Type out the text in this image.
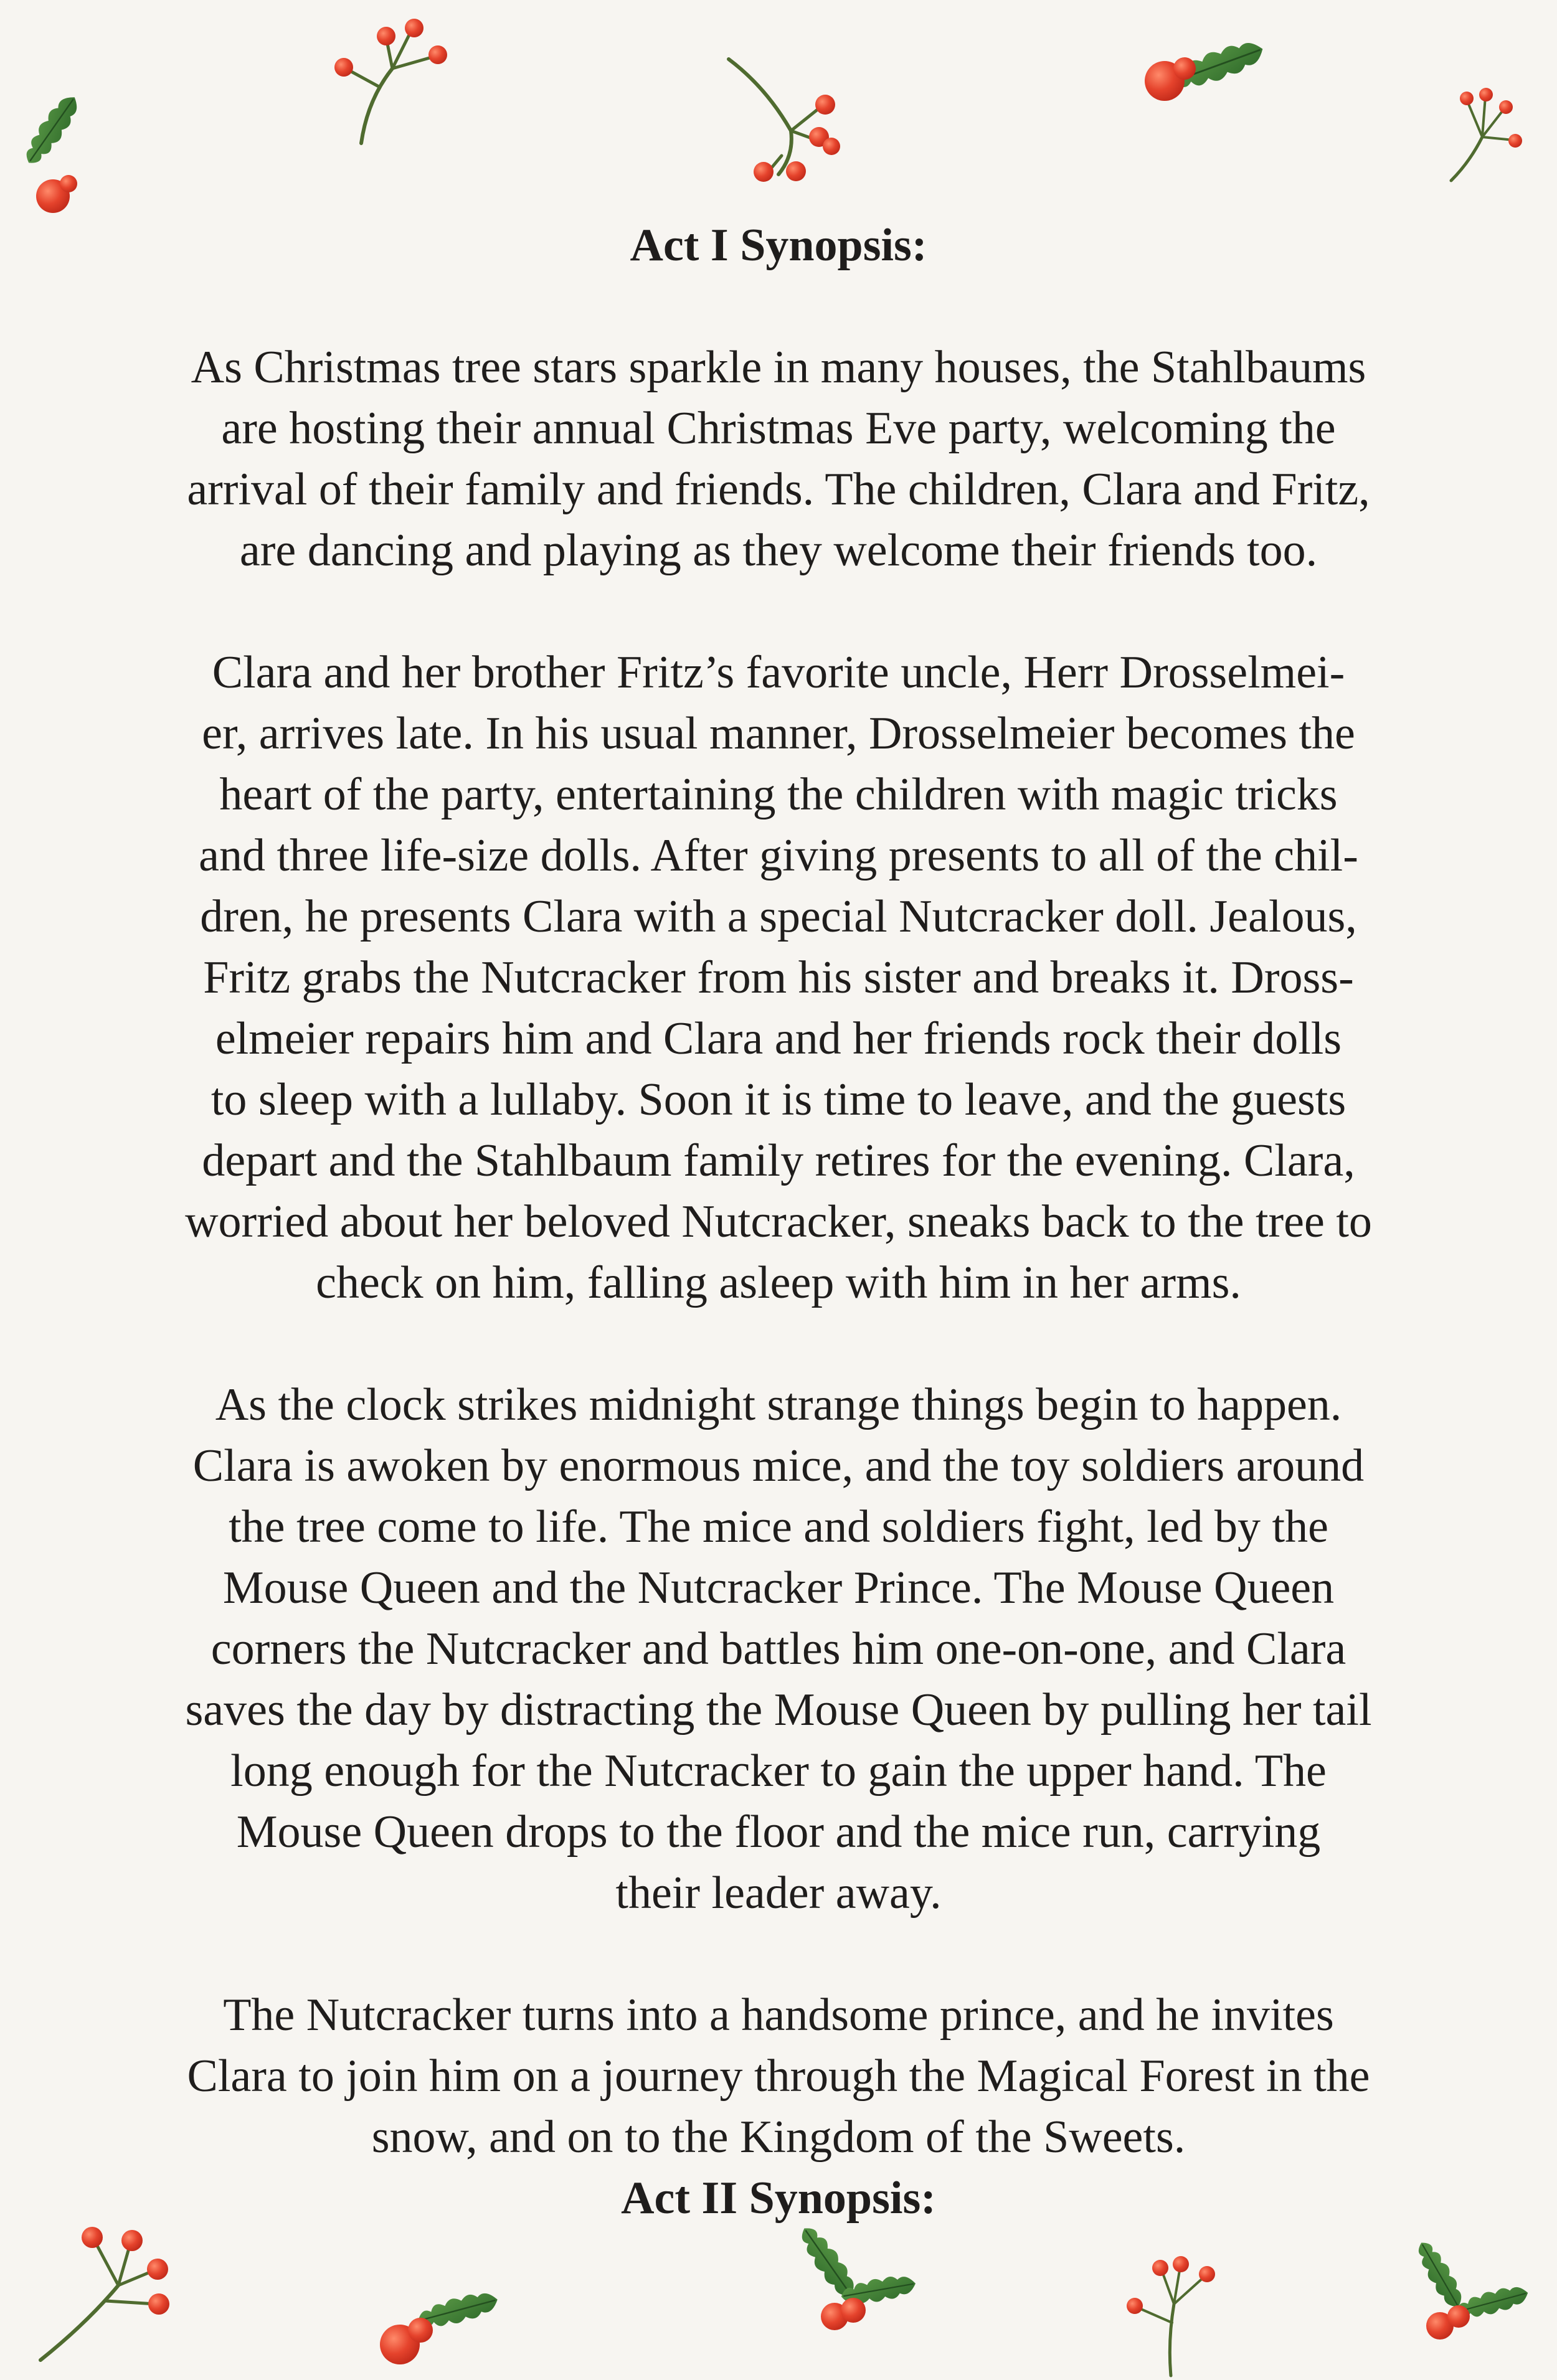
Act I Synopsis:

As Christmas tree stars sparkle in many houses, the Stahlbaums
are hosting their annual Christmas Eve party, welcoming the
arrival of their family and friends. The children, Clara and Fritz,
are dancing and playing as they welcome their friends too.
Clara and her brother Fritz’s favorite uncle, Herr Drosselmei-
er, arrives late. In his usual manner, Drosselmeier becomes the
heart of the party, entertaining the children with magic tricks
and three life-size dolls. After giving presents to all of the chil-
dren, he presents Clara with a special Nutcracker doll. Jealous,
Fritz grabs the Nutcracker from his sister and breaks it. Dross-
elmeier repairs him and Clara and her friends rock their dolls
to sleep with a lullaby. Soon it is time to leave, and the guests
depart and the Stahlbaum family retires for the evening. Clara,
worried about her beloved Nutcracker, sneaks back to the tree to
check on him, falling asleep with him in her arms.
As the clock strikes midnight strange things begin to happen.
Clara is awoken by enormous mice, and the toy soldiers around
the tree come to life. The mice and soldiers fight, led by the
Mouse Queen and the Nutcracker Prince. The Mouse Queen
corners the Nutcracker and battles him one-on-one, and Clara
saves the day by distracting the Mouse Queen by pulling her tail
long enough for the Nutcracker to gain the upper hand. The
Mouse Queen drops to the floor and the mice run, carrying
their leader away.
The Nutcracker turns into a handsome prince, and he invites
Clara to join him on a journey through the Magical Forest in the
snow, and on to the Kingdom of the Sweets.

Act II Synopsis:
